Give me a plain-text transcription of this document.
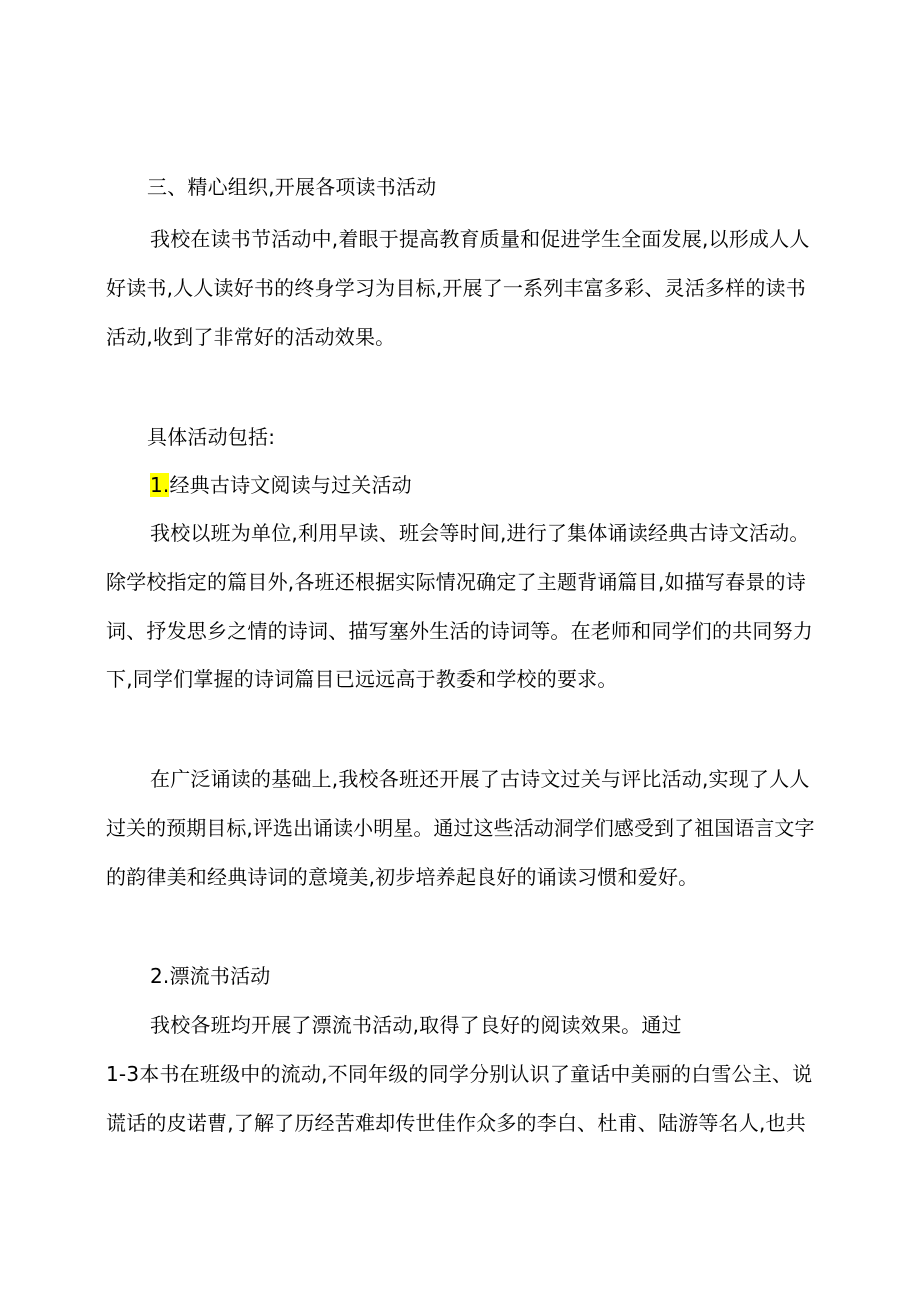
三、精心组织,开展各项读书活动
我校在读书节活动中,着眼于提高教育质量和促进学生全面发展,以形成人人
好读书,人人读好书的终身学习为目标,开展了一系列丰富多彩、灵活多样的读书
活动,收到了非常好的活动效果。
具体活动包括:
1.经典古诗文阅读与过关活动
我校以班为单位,利用早读、班会等时间,进行了集体诵读经典古诗文活动。
除学校指定的篇目外,各班还根据实际情况确定了主题背诵篇目,如描写春景的诗
词、抒发思乡之情的诗词、描写塞外生活的诗词等。在老师和同学们的共同努力
下,同学们掌握的诗词篇目已远远高于教委和学校的要求。
在广泛诵读的基础上,我校各班还开展了古诗文过关与评比活动,实现了人人
过关的预期目标,评选出诵读小明星。通过这些活动洞学们感受到了祖国语言文字
的韵律美和经典诗词的意境美,初步培养起良好的诵读习惯和爱好。
2.漂流书活动
我校各班均开展了漂流书活动,取得了良好的阅读效果。通过
1-3本书在班级中的流动,不同年级的同学分别认识了童话中美丽的白雪公主、说
谎话的皮诺曹,了解了历经苦难却传世佳作众多的李白、杜甫、陆游等名人,也共
